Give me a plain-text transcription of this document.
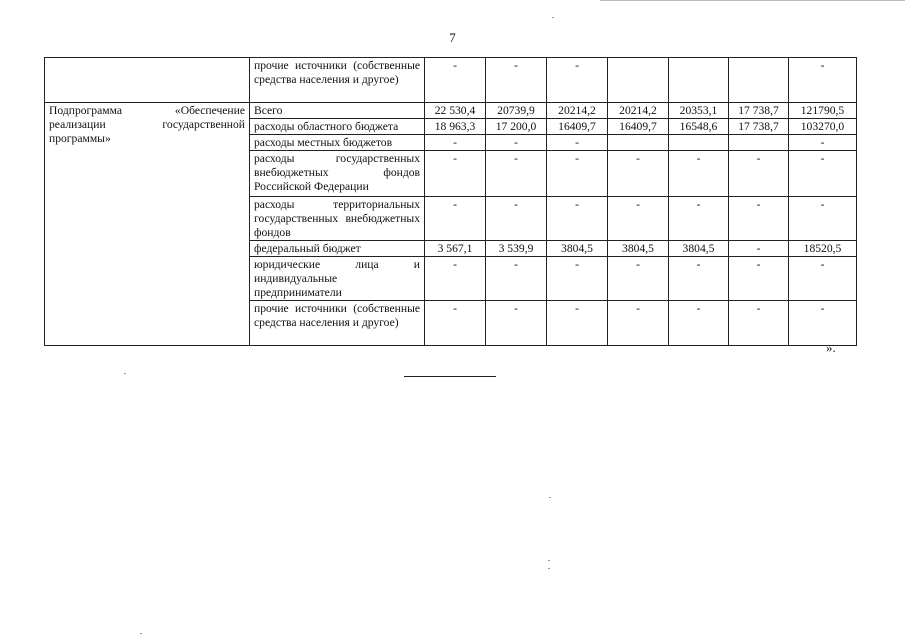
7
	прочие источники (собственные средства населения и другое)	-	-	-				-
Подпрограмма «Обеспечение реализации государственной программы»	Всего	22 530,4	20739,9	20214,2	20214,2	20353,1	17 738,7	121790,5
	расходы областного бюджета	18 963,3	17 200,0	16409,7	16409,7	16548,6	17 738,7	103270,0
	расходы местных бюджетов	-	-	-				-
	расходы государственных внебюджетных фондов Российской Федерации	-	-	-	-	-	-	-
	расходы территориальных государственных внебюджетных фондов	-	-	-	-	-	-	-
	федеральный бюджет	3 567,1	3 539,9	3804,5	3804,5	3804,5	-	18520,5
	юридические лица и индивидуальные предприниматели	-	-	-	-	-	-	-
	прочие источники (собственные средства населения и другое)	-	-	-	-	-	-	-
».
